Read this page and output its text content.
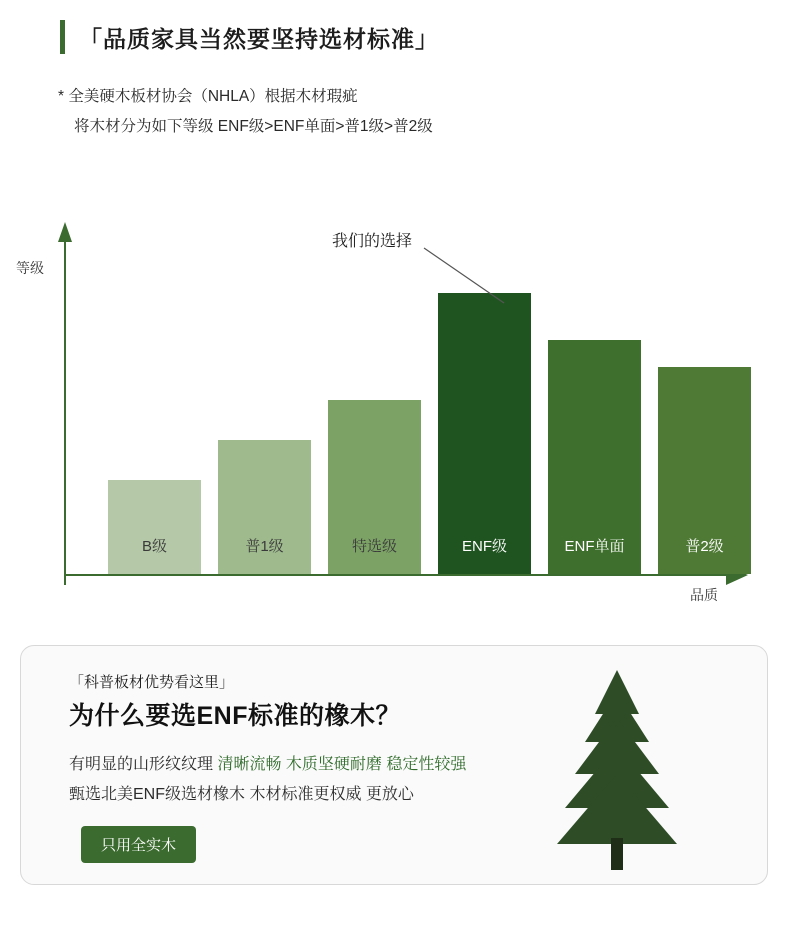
「品质家具当然要坚持选材标准」
* 全美硬木板材协会（NHLA）根据木材瑕疵
将木材分为如下等级 ENF级>ENF单面>普1级>普2级
等级
品质
B级	普1级	特选级	ENF级	ENF单面	普2级
我们的选择
「科普板材优势看这里」
为什么要选ENF标准的橡木？
有明显的山形纹纹理 清晰流畅 木质坚硬耐磨 稳定性较强
甄选北美ENF级选材橡木 木材标准更权威 更放心
只用全实木
